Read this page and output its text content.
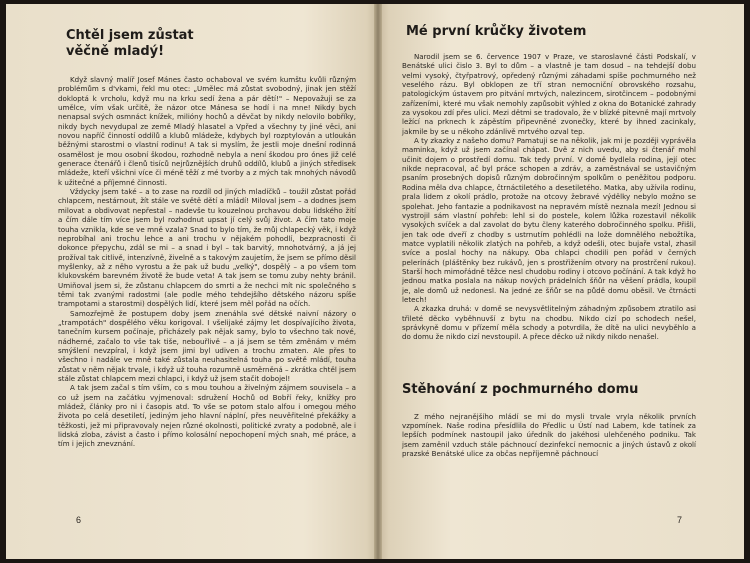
Chtěl jsem zůstat věčně mladý!

Když slavný malíř Josef Mánes často ochaboval ve svém kumštu kvůli různým problémům s d'vkami, řekl mu otec: „Umělec má zůstat svobodný, jinak jen stěží dokloptá k vrcholu, když mu na krku sedí žena a pár dětí!" – Nepovažuji se za umělce, vím však určitě, že názor otce Mánesa se hodí i na mne! Nikdy bych nenapsal svých osmnáct knížek, milióny hochů a děvčat by nikdy nelovilo bobříky, nikdy bych nevydupal ze země Mladý hlasatel a Vpřed a všechny ty jiné věci, ani novou napříč činností oddílů a klubů mládeže, kdybych byl rozptylován a utloukán běžnými starostmi o vlastní rodinu! A tak si myslím, že jestli moje dnešní rodinná osamělost je mou osobní škodou, rozhodně nebyla a není škodou pro ónes již celé generace čtenářů i členů tisíců nejrůznějších druhů oddílů, klubů a jiných středisek mládeže, kteří všichni více či méně těží z mé tvorby a z mých tak mnohých návodů k užitečné a příjemné činnosti.

Vždycky jsem také – a to zase na rozdíl od jiných mladíčků – toužil zůstat pořád chlapcem, nestárnout, žít stále ve světě dětí a mládí! Miloval jsem – a dodnes jsem milovat a obdivovat nepřestal – nadevše tu kouzelnou prchavou dobu lidského žití a čím dále tím více jsem byl rozhodnut upsat jí celý svůj život. A čím tato moje touha vznikla, kde se ve mně vzala? Snad to bylo tím, že můj chlapecký věk, i když neprobíhal ani trochu lehce a ani trochu v nějakém pohodlí, bezpracnosti či dokonce přepychu, zdál se mi – a snad i byl – tak barvitý, mnohotvárný, a já jej prožíval tak citlivě, intenzívně, živelně a s takovým zaujetím, že jsem se přímo děsil myšlenky, až z něho vyrostu a že pak už budu „velký", dospělý – a po všem tom klukovském barevném životě že bude veta! A tak jsem se tomu zuby nehty bránil. Umiňoval jsem si, že zůstanu chlapcem do smrti a že nechci mít nic společného s těmi tak zvanými radostmi (ale podle mého tehdejšího dětského názoru spíše trampotami a starostmi) dospělých lidí, které jsem měl pořád na očích.

Samozřejmě že postupem doby jsem znenáhla své dětské naivní názory o „trampotách" dospělého věku korigoval. I všelijaké zájmy let dospívajícího života, tanečním kursem počínaje, přicházely pak nějak samy, bylo to všechno tak nové, nádherné, začalo to vše tak tiše, nebouřlivě – a já jsem se těm změnám v mém smýšlení nevzpíral, i když jsem jimi byl udiven a trochu zmaten. Ale přes to všechno i nadále ve mně také zůstala neuhasitelná touha po světě mládí, touha zůstat v něm nějak trvale, i když už touha rozumně usměrněná – zkrátka chtěl jsem stále zůstat chlapcem mezi chlapci, i když už jsem stačit dobojel!

A tak jsem začal s tím vším, co s mou touhou a živelným zájmem souvisela – a co už jsem na začátku vyjmenoval: sdružení Hochů od Bobří řeky, knížky pro mládež, články pro ni i časopis atd. To vše se potom stalo alfou i omegou mého života po celá desetiletí, jediným jeho hlavní náplní, přes neuvěřitelné překážky a těžkosti, jež mi připravovaly nejen různé okolnosti, politické zvraty a podobně, ale i lidská zloba, závist a často i přímo kolosální nepochopení mých snah, mé práce, a tím i jejich znevznání.

6
Mé první krůčky životem

Narodil jsem se 6. července 1907 v Praze, ve staroslavné části Podskalí, v Benátské ulici čislo 3. Byl to dům – a vlastně je tam dosud – na tehdejší dobu velmi vysoký, čtyřpatrový, opředený různými záhadami spíše pochmurného než veselého rázu. Byl obklopen ze tří stran nemocniční obrovského rozsahu, patologickým ústavem pro pitvání mrtvých, nalezincem, sirotčincem – podobnými zařízeními, které mu však nemohly zapůsobit výhled z okna do Botanické zahrady za vysokou zdí přes ulici. Mezi dětmi se tradovalo, že v blízké pitevně mají mrtvoly ležící na prknech k zápěstím připevněné zvonečky, které by ihned zacinkaly, jakmile by se u někoho zdánlivě mrtvého ozval tep.

A ty zkazky z našeho domu? Pamatuji se na několik, jak mi je později vyprávěla maminka, když už jsem začínal chápat. Dvě z nich uvedu, aby si čtenář mohl učinit dojem o prostředí domu. Tak tedy první. V domě bydlela rodina, její otec nikde nepracoval, ač byl práce schopen a zdráv, a zaměstnával se ustavičným psaním prosebných dopisů různým dobročinným spolkům o peněžitou podporu. Rodina měla dva chlapce, čtrnáctiletého a desetiletého. Matka, aby užívila rodinu, prala lidem z okolí prádlo, protože na otcovy žebravé výdělky nebylo možno se spolehat. Jeho fantazie a podnikavost na nepravém místě neznala mezí! Jednou si vystrojil sám vlastní pohřeb: lehl si do postele, kolem lůžka rozestavil několik vysokých svíček a dal zavolat do bytu členy katerého dobročinného spolku. Přišli, jen tak ode dveří z chodby s ustrnutím pohlédli na lože domnělého nebožtíka, matce vyplatili několik zlatých na pohřeb, a když odešli, otec bujaře vstal, zhasil svíce a poslal hochy na nákupy. Oba chlapci chodili pen pořád v černých pelerínách (pláštěnky bez rukávů, jen s prostřižením otvory na prostrčení rukou). Starší hoch mimořádně těžce nesl chudobu rodiny i otcovo počínání. A tak když ho jednou matka poslala na nákup nových prádelních šňůr na věšení prádla, koupil je, ale domů už nedonesl. Na jedné ze šňůr se na půdě domu oběsil. Ve čtrnácti letech!

A zkazka druhá: v domě se nevysvětlitelným záhadným způsobem ztratilo asi třileté děcko vyběhnuvší z bytu na chodbu. Nikdo cizí po schodech nešel, správkyně domu v přízemí měla schody a potvrdila, že dítě na ulici nevyběhlo a do domu že nikdo cizí nevstoupil. A přece děcko už nikdy nikdo nenašel.

Stěhování z pochmurného domu

Z mého nejranějšího mládí se mi do mysli trvale vryla několik prvních vzpomínek. Naše rodina přesídlila do Předlic u Ústí nad Labem, kde tatínek za lepších podmínek nastoupil jako úředník do jakéhosi ulehčeného podniku. Tak jsem zaměnil vzduch stále páchnoucí dezinfekcí nemocnic a jiných ústavů z okolí prazské Benátské ulice za občas nepříjemně páchnoucí

7
